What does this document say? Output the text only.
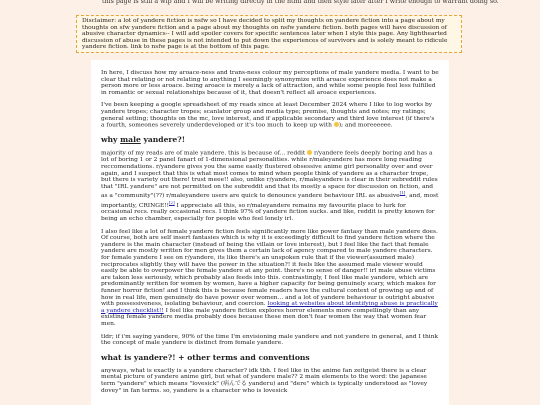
this page is still a wip and I will be writing directly in the html and then style later after I write enough to warrant doing so.
Disclaimer: a lot of yandere fiction is nsfw so I have decided to split my thoughts on yandere fiction into a page about my thoughts on sfw yandere fiction and a page about my thoughts on nsfw yandere fiction. both pages will have discussion of abusive character dynamics-- I will add spoiler covers for specific sentences later when I style this page. Any lighthearted discussion of abuse in these pages is not intended to put down the experiences of survivors and is solely meant to ridicule yandere fiction. link to nsfw page is at the bottom of this page.

In here, I discuss how my aroace-ness and trans-ness colour my perceptions of male yandere media. I want to be clear that relating or not relating to anything I seemingly synonymize with aroace experience does not make a person more or less aroace. being aroace is merely a lack of attraction, and while some people feel less fulfilled in romantic or sexual relationships because of it, that doesn't reflect all aroace experiences.

I've been keeping a google spreadsheet of my reads since at least December 2024 where I like to log works by yandere tropes; character tropes; scanlator group and media type; premise, thoughts and notes; my ratings; general setting; thoughts on the mc, love interest, and if applicable secondary and third love interest (if there's a fourth, someones severely underdeveloped or it's too much to keep up with ); and moreeeeee.

why male yandere?!

majority of my reads are of male yandere. this is because of... reddit  r/yandere feels deeply boring and has a lot of boring 1 or 2 panel fanart of 1-dimensional personalities. while r/maleyandere has more long reading reccomendations. r/yandere gives you the same easily flustered obsessive anime girl personality over and over again, and I suspect that this is what most comes to mind when people think of yandere as a character trope, but there is variety out there! trust meee!! also, unlike r/yandere, r/maleyandere is clear in their subreddit rules that "IRL yandere" are not permitted on the subreddit and that its mostly a space for discussion on fiction, and as a "community"(??) r/maleyandere users are quick to denounce yandere behaviour IRL as abusive[1], and, most importantly, CRINGE!![2] I appreciate all this, so r/maleyandere remains my favourite place to lurk for occasional recs. really occasional recs. I think 97% of yandere fiction sucks. and like, reddit is pretty known for being an echo chamber, especially for people who feel lonely irl.

I also feel like a lot of female yandere fiction feels significantly more like power fantasy than male yandere does. Of course, both are self insert fantasies which is why it is exceedingly difficult to find yandere fiction where the yandere is the main character (instead of being the villain or love interest), but I feel like the fact that female yandere are mostly written for men gives them a certain lack of agency compared to male yandere characters. for female yandere I see on r/yandere, its like there's an unspoken rule that if the viewer(assumed male) reciprocates slightly they will have the power in the situation?! it feels like the assumed male viewer would easily be able to overpower the female yandere at any point. there's no sense of danger!! irl male abuse victims are taken less seriously, which probably also feeds into this. contrastingly, I feel like male yandere, which are predominantly written for women by women, have a higher capacity for being genuinely scary, which makes for funner horror fiction! and I think this is because female readers have the cultural context of growing up and of how in real life, men genuinely do have power over women... and a lot of yandere behaviour is outright abusive with possessiveness, isolating behaviour, and coercion. looking at websites about identifying abuse is practically a yandere checklist!! I feel like male yandere fiction explores horror elements more compellingly than any existing female yandere media probably does because these men don't fear women the way that women fear men.

tldr; if i'm saying yandere, 90% of the time I'm envisioning male yandere and not yandere in general, and I think the concept of male yandere is distinct from female yandere.

what is yandere?! + other terms and conventions

anyways, what is exactly is a yandere character? idk tbh. I feel like in the anime fan zeitgeist there is a clear mental picture of yandere anime girl, but what of yandere male?? 2 main elements to the word: the japanese term "yandere" which means "lovesick" (病んでる yanderu) and "dere" which is typically understood as "lovey dovey" in fan terms. so, yandere is a character who is lovesick
